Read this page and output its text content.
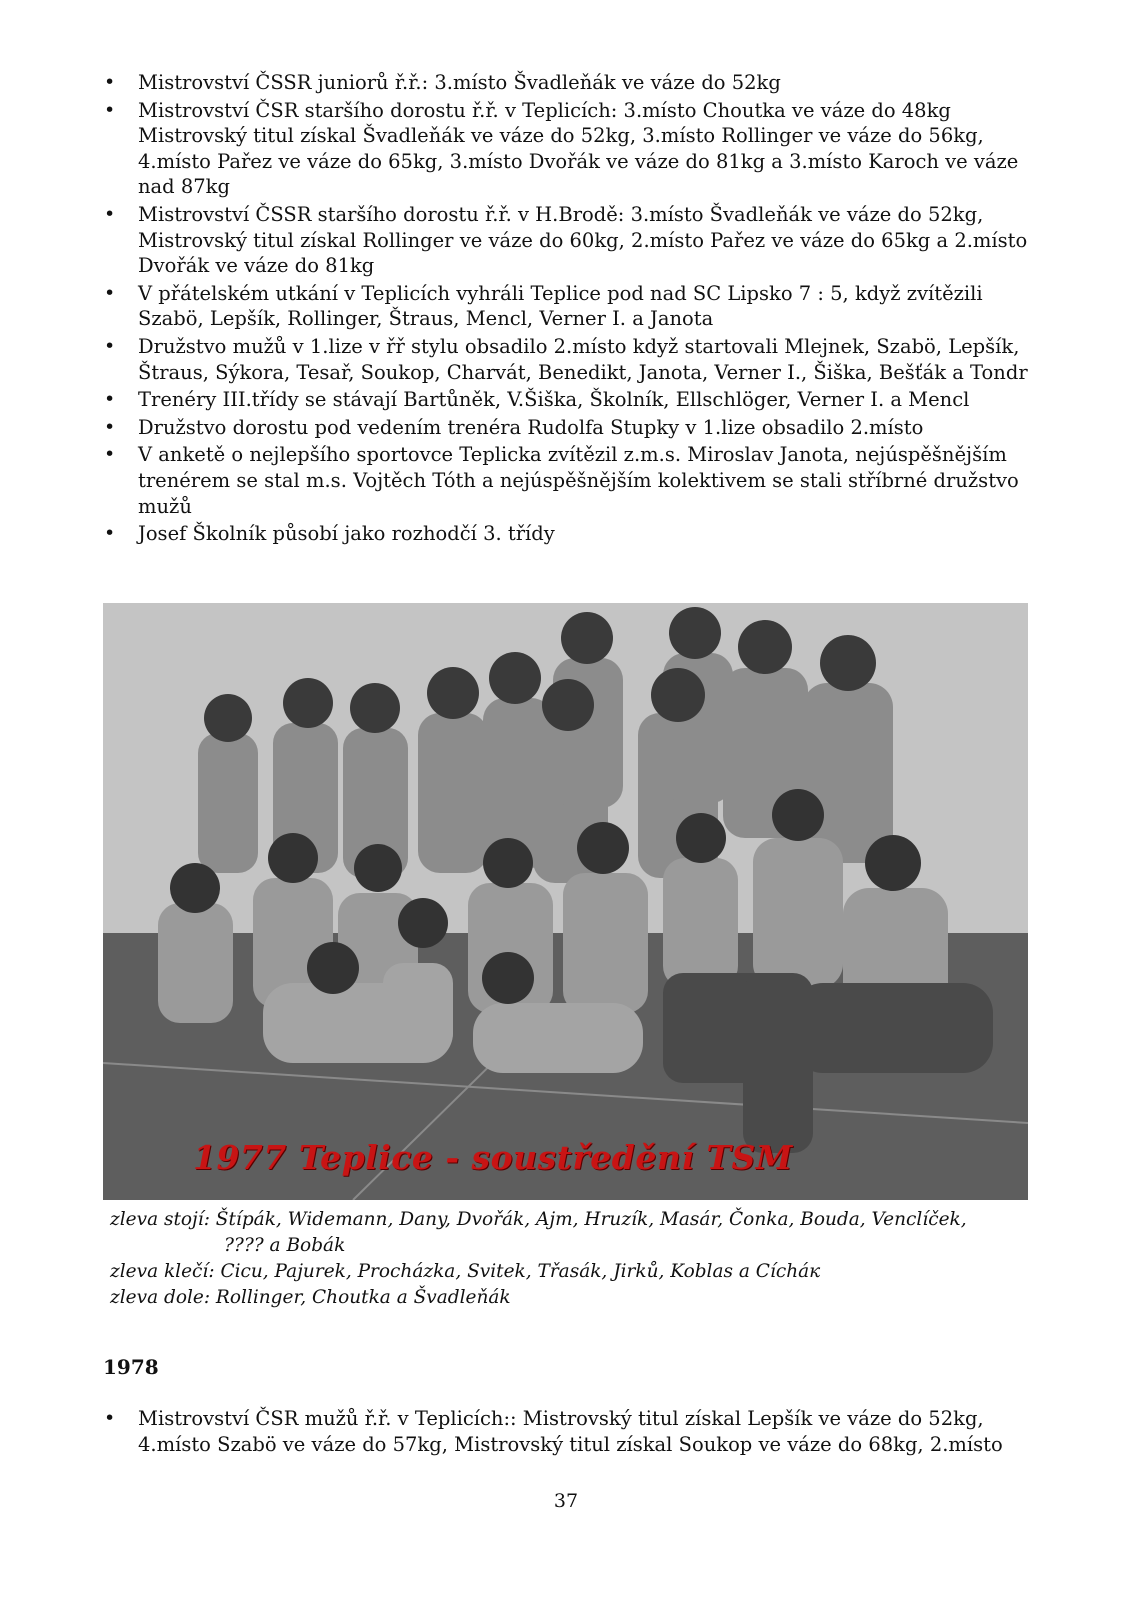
• Mistrovství ČSSR juniorů ř.ř.: 3.místo Švadleňák ve váze do 52kg
• Mistrovství ČSR staršího dorostu ř.ř. v Teplicích: 3.místo Choutka ve váze do 48kg Mistrovský titul získal Švadleňák ve váze do 52kg, 3.místo Rollinger ve váze do 56kg, 4.místo Pařez ve váze do 65kg, 3.místo Dvořák ve váze do 81kg a 3.místo Karoch ve váze nad 87kg
• Mistrovství ČSSR staršího dorostu ř.ř. v H.Brodě: 3.místo Švadleňák ve váze do 52kg, Mistrovský titul získal Rollinger ve váze do 60kg, 2.místo Pařez ve váze do 65kg a 2.místo Dvořák ve váze do 81kg
• V přátelském utkání v Teplicích vyhráli Teplice pod nad SC Lipsko 7 : 5, když zvítězili Szabö, Lepšík, Rollinger, Štraus, Mencl, Verner I. a Janota
• Družstvo mužů v 1.lize v řř stylu obsadilo 2.místo když startovali Mlejnek, Szabö, Lepšík, Štraus, Sýkora, Tesař, Soukop, Charvát, Benedikt, Janota, Verner I., Šiška, Bešťák a Tondr
• Trenéry III.třídy se stávají Bartůněk, V.Šiška, Školník, Ellschlöger, Verner I. a Mencl
• Družstvo dorostu pod vedením trenéra Rudolfa Stupky v 1.lize obsadilo 2.místo
• V anketě o nejlepšího sportovce Teplicka zvítězil z.m.s. Miroslav Janota, nejúspěšnějším trenérem se stal m.s. Vojtěch Tóth a nejúspěšnějším kolektivem se stali stříbrné družstvo mužů
• Josef Školník působí jako rozhodčí 3. třídy
1977 Teplice - soustředění TSM
zleva stojí: Štípák, Widemann, Dany, Dvořák, Ajm, Hruzík, Masár, Čonka, Bouda, Venclíček,
???? a Bobák
zleva klečí: Cicu, Pajurek, Procházka, Svitek, Třasák, Jirků, Koblas a Cícháк
zleva dole: Rollinger, Choutka a Švadleňák
1978
• Mistrovství ČSR mužů ř.ř. v Teplicích:: Mistrovský titul získal Lepšík ve váze do 52kg, 4.místo Szabö ve váze do 57kg, Mistrovský titul získal Soukop ve váze do 68kg, 2.místo
37
